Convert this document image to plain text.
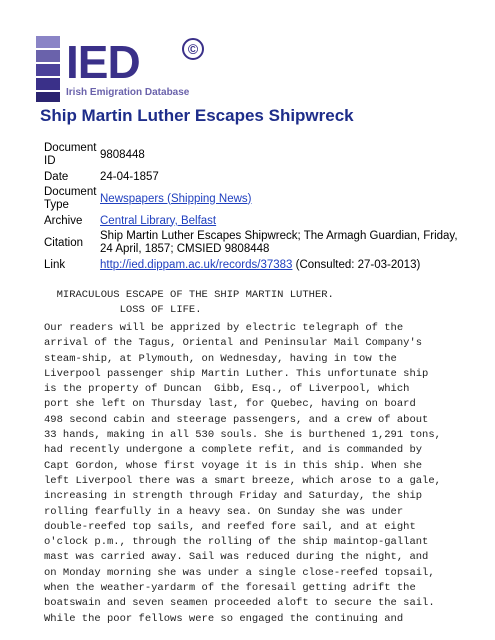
IED	©
Irish Emigration Database
Ship Martin Luther Escapes Shipwreck
Document
ID	9808448
Date	24-04-1857
Document
Type	Newspapers (Shipping News)
Archive	Central Library, Belfast
Citation	Ship Martin Luther Escapes Shipwreck; The Armagh Guardian, Friday,
24 April, 1857; CMSIED 9808448
Link	http://ied.dippam.ac.uk/records/37383 (Consulted: 27-03-2013)
MIRACULOUS ESCAPE OF THE SHIP MARTIN LUTHER.
LOSS OF LIFE.
Our readers will be apprized by electric telegraph of the
arrival of the Tagus, Oriental and Peninsular Mail Company's
steam-ship, at Plymouth, on Wednesday, having in tow the
Liverpool passenger ship Martin Luther. This unfortunate ship
is the property of Duncan  Gibb, Esq., of Liverpool, which
port she left on Thursday last, for Quebec, having on board
498 second cabin and steerage passengers, and a crew of about
33 hands, making in all 530 souls. She is burthened 1,291 tons,
had recently undergone a complete refit, and is commanded by
Capt Gordon, whose first voyage it is in this ship. When she
left Liverpool there was a smart breeze, which arose to a gale,
increasing in strength through Friday and Saturday, the ship
rolling fearfully in a heavy sea. On Sunday she was under
double-reefed top sails, and reefed fore sail, and at eight
o'clock p.m., through the rolling of the ship maintop-gallant
mast was carried away. Sail was reduced during the night, and
on Monday morning she was under a single close-reefed topsail,
when the weather-yardarm of the foresail getting adrift the
boatswain and seven seamen proceeded aloft to secure the sail.
While the poor fellows were so engaged the continuing and
